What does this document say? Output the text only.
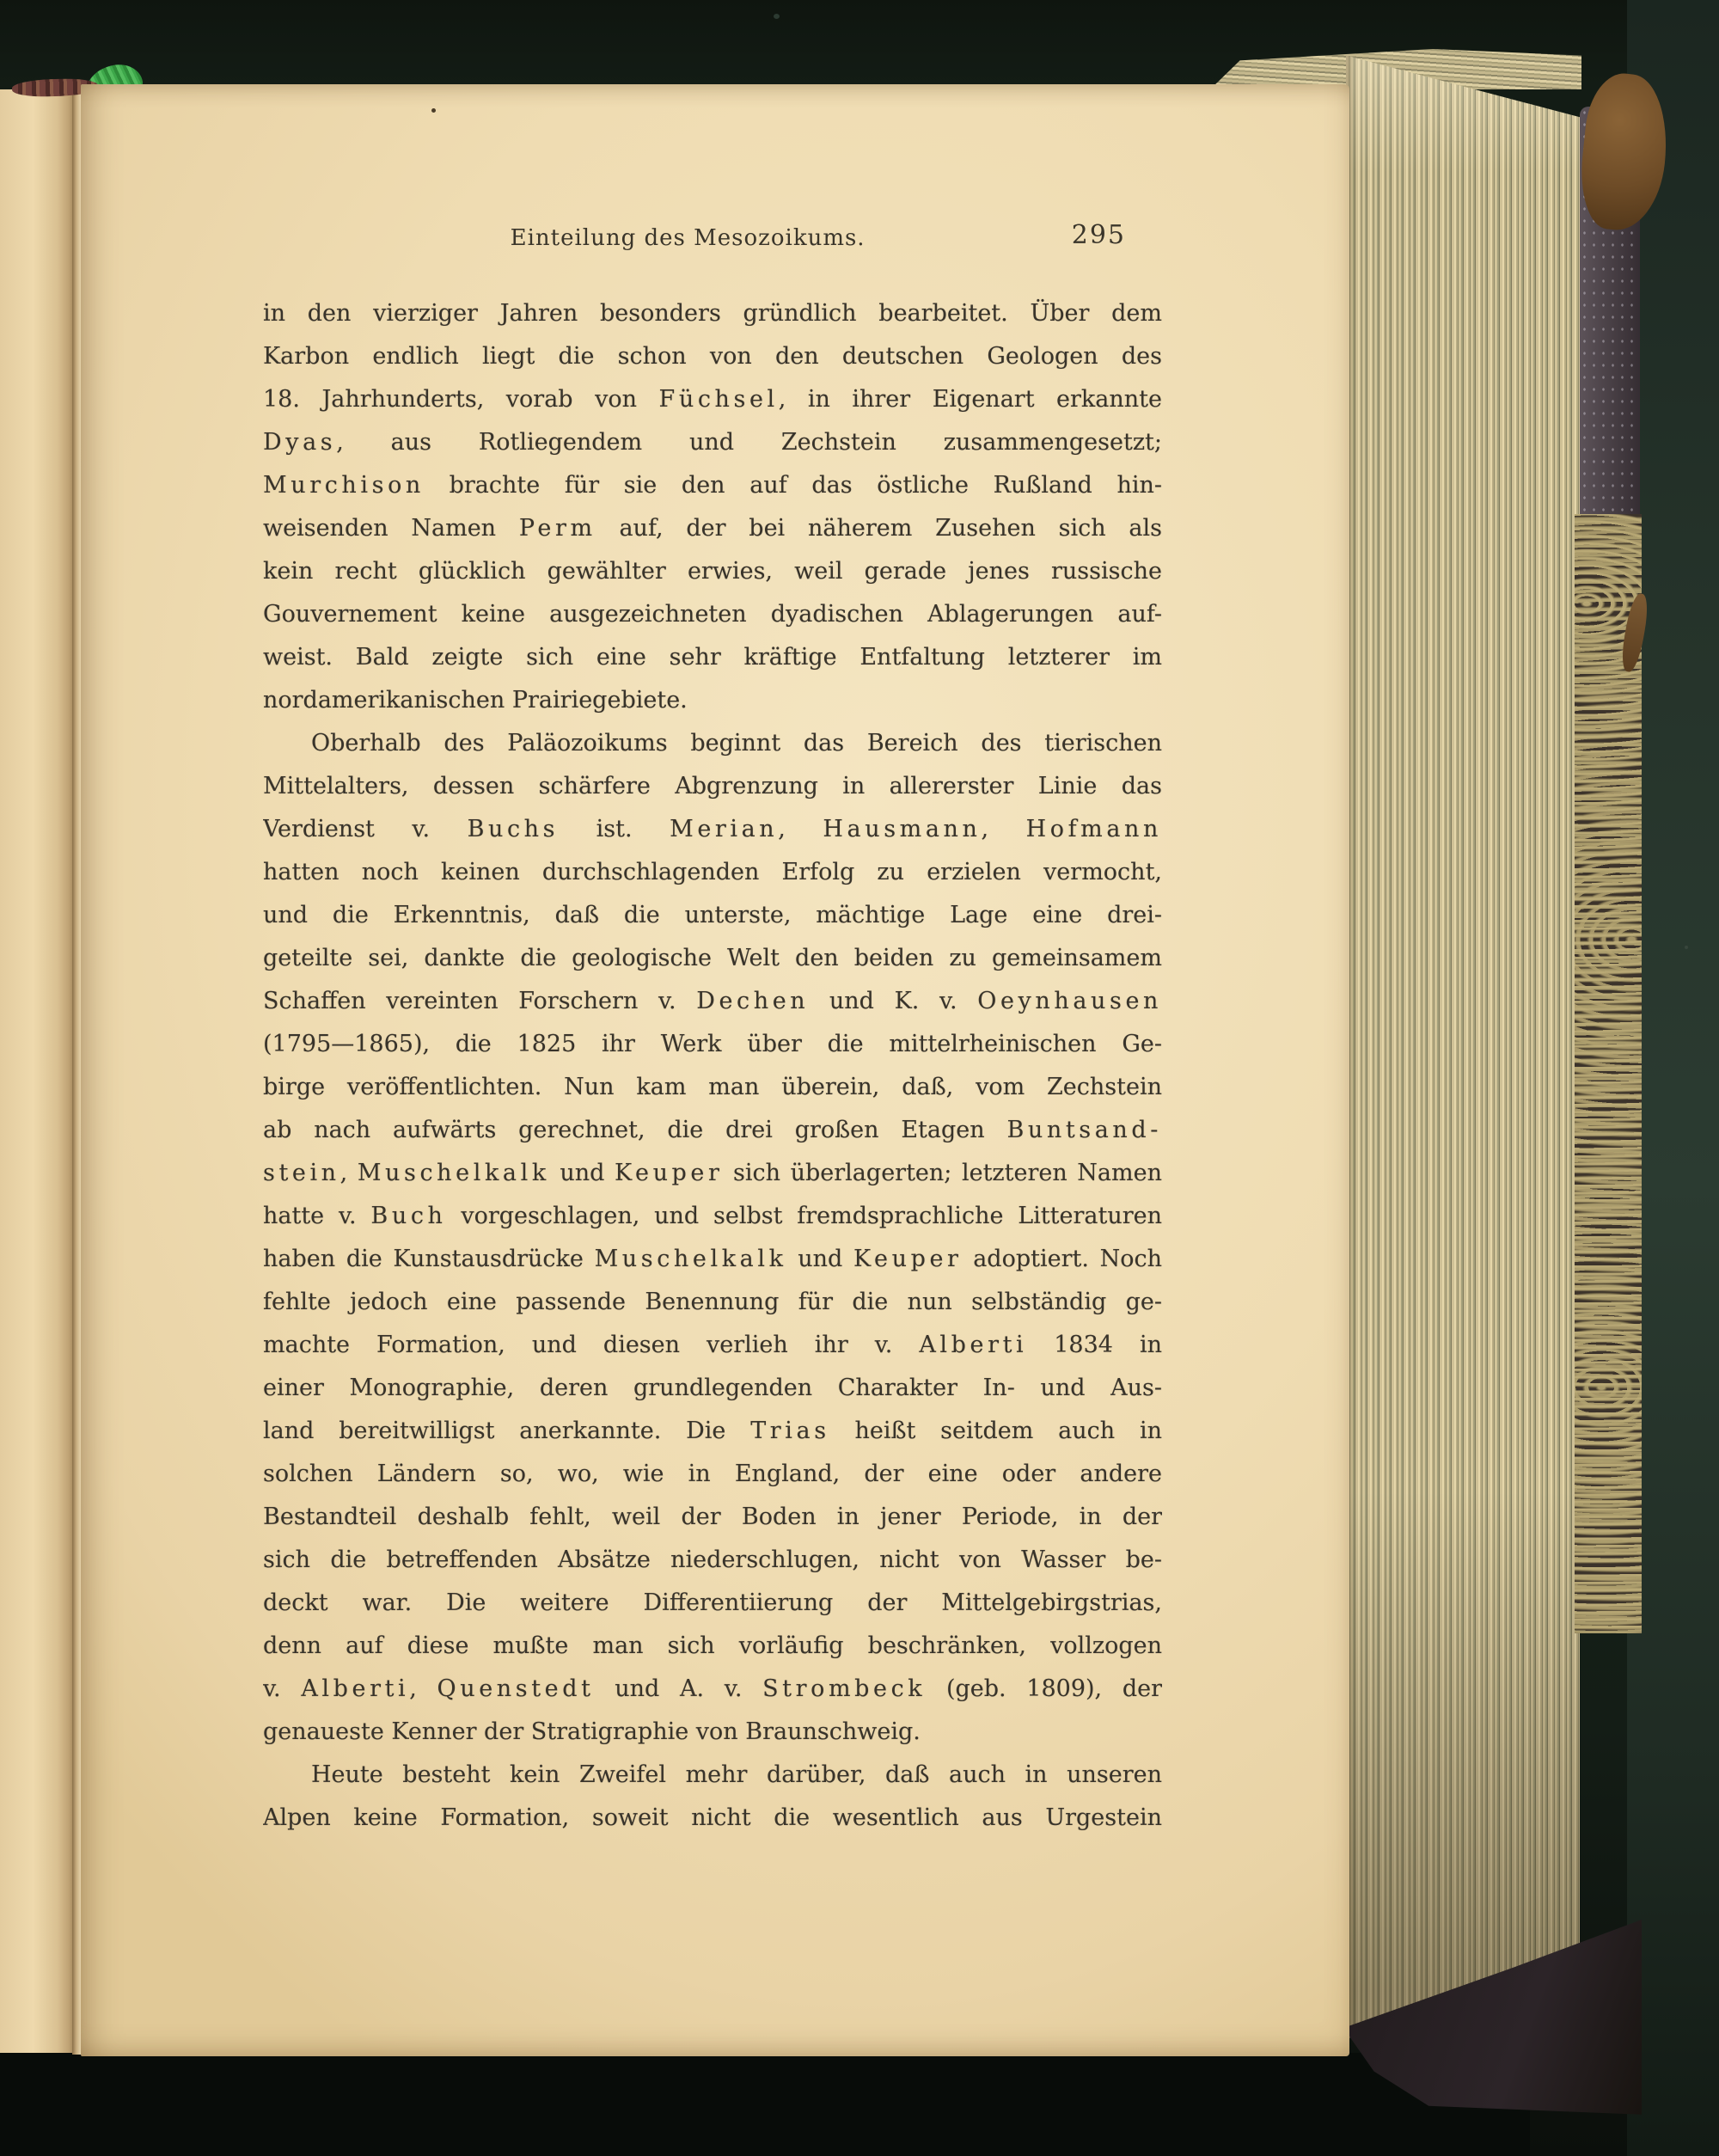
Einteilung des Mesozoikums.	295
in den vierziger Jahren besonders gründlich bearbeitet. Über dem
Karbon endlich liegt die schon von den deutschen Geologen des
18. Jahrhunderts, vorab von Füchsel, in ihrer Eigenart erkannte
Dyas, aus Rotliegendem und Zechstein zusammengesetzt;
Murchison brachte für sie den auf das östliche Rußland hin-
weisenden Namen Perm auf, der bei näherem Zusehen sich als
kein recht glücklich gewählter erwies, weil gerade jenes russische
Gouvernement keine ausgezeichneten dyadischen Ablagerungen auf-
weist. Bald zeigte sich eine sehr kräftige Entfaltung letzterer im
nordamerikanischen Prairiegebiete.
Oberhalb des Paläozoikums beginnt das Bereich des tierischen
Mittelalters, dessen schärfere Abgrenzung in allererster Linie das
Verdienst v. Buchs ist. Merian, Hausmann, Hofmann
hatten noch keinen durchschlagenden Erfolg zu erzielen vermocht,
und die Erkenntnis, daß die unterste, mächtige Lage eine drei-
geteilte sei, dankte die geologische Welt den beiden zu gemeinsamem
Schaffen vereinten Forschern v. Dechen und K. v. Oeynhausen
(1795—1865), die 1825 ihr Werk über die mittelrheinischen Ge-
birge veröffentlichten. Nun kam man überein, daß, vom Zechstein
ab nach aufwärts gerechnet, die drei großen Etagen Buntsand-
stein, Muschelkalk und Keuper sich überlagerten; letzteren Namen
hatte v. Buch vorgeschlagen, und selbst fremdsprachliche Litteraturen
haben die Kunstausdrücke Muschelkalk und Keuper adoptiert. Noch
fehlte jedoch eine passende Benennung für die nun selbständig ge-
machte Formation, und diesen verlieh ihr v. Alberti 1834 in
einer Monographie, deren grundlegenden Charakter In- und Aus-
land bereitwilligst anerkannte. Die Trias heißt seitdem auch in
solchen Ländern so, wo, wie in England, der eine oder andere
Bestandteil deshalb fehlt, weil der Boden in jener Periode, in der
sich die betreffenden Absätze niederschlugen, nicht von Wasser be-
deckt war. Die weitere Differentiierung der Mittelgebirgstrias,
denn auf diese mußte man sich vorläufig beschränken, vollzogen
v. Alberti, Quenstedt und A. v. Strombeck (geb. 1809), der
genaueste Kenner der Stratigraphie von Braunschweig.
Heute besteht kein Zweifel mehr darüber, daß auch in unseren
Alpen keine Formation, soweit nicht die wesentlich aus Urgestein
